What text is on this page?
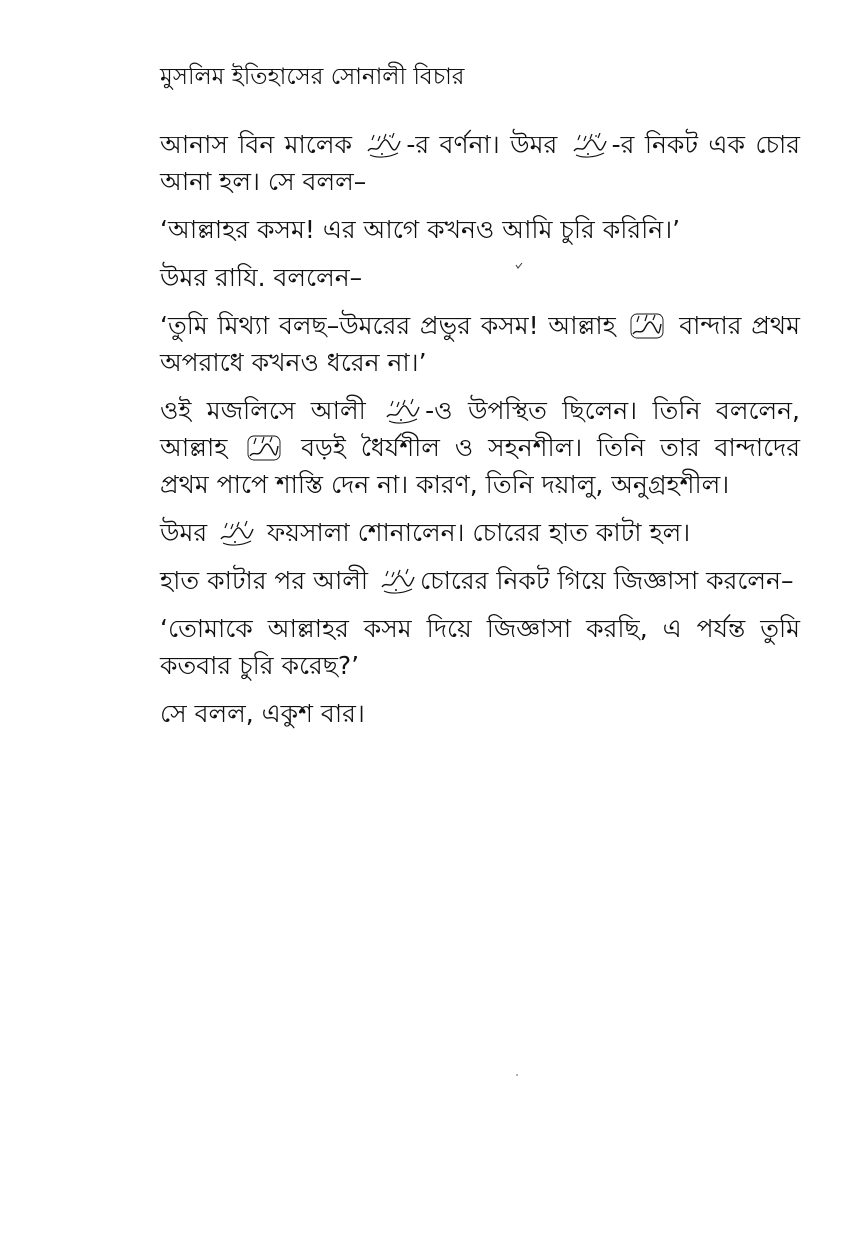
মুসলিম ইতিহাসের সোনালী বিচার

আনাস বিন মালেক
-র বর্ণনা। উমর
-র নিকট এক চোর আনা হল। সে বলল–

‘আল্লাহর কসম! এর আগে কখনও আমি চুরি করিনি।’

উমর রাযি. বললেন–

‘তুমি মিথ্যা বলছ–উমরের প্রভুর কসম! আল্লাহ
বান্দার প্রথম অপরাধে কখনও ধরেন না।’

ওই মজলিসে আলী
-ও উপস্থিত ছিলেন। তিনি বললেন, আল্লাহ
বড়ই ধৈর্যশীল ও সহনশীল। তিনি তার বান্দাদের প্রথম পাপে শাস্তি দেন না। কারণ, তিনি দয়ালু, অনুগ্রহশীল।

উমর
ফয়সালা শোনালেন। চোরের হাত কাটা হল।

হাত কাটার পর আলী
চোরের নিকট গিয়ে জিজ্ঞাসা করলেন–

‘তোমাকে আল্লাহর কসম দিয়ে জিজ্ঞাসা করছি, এ পর্যন্ত তুমি কতবার চুরি করেছ?’

সে বলল, একুশ বার।
